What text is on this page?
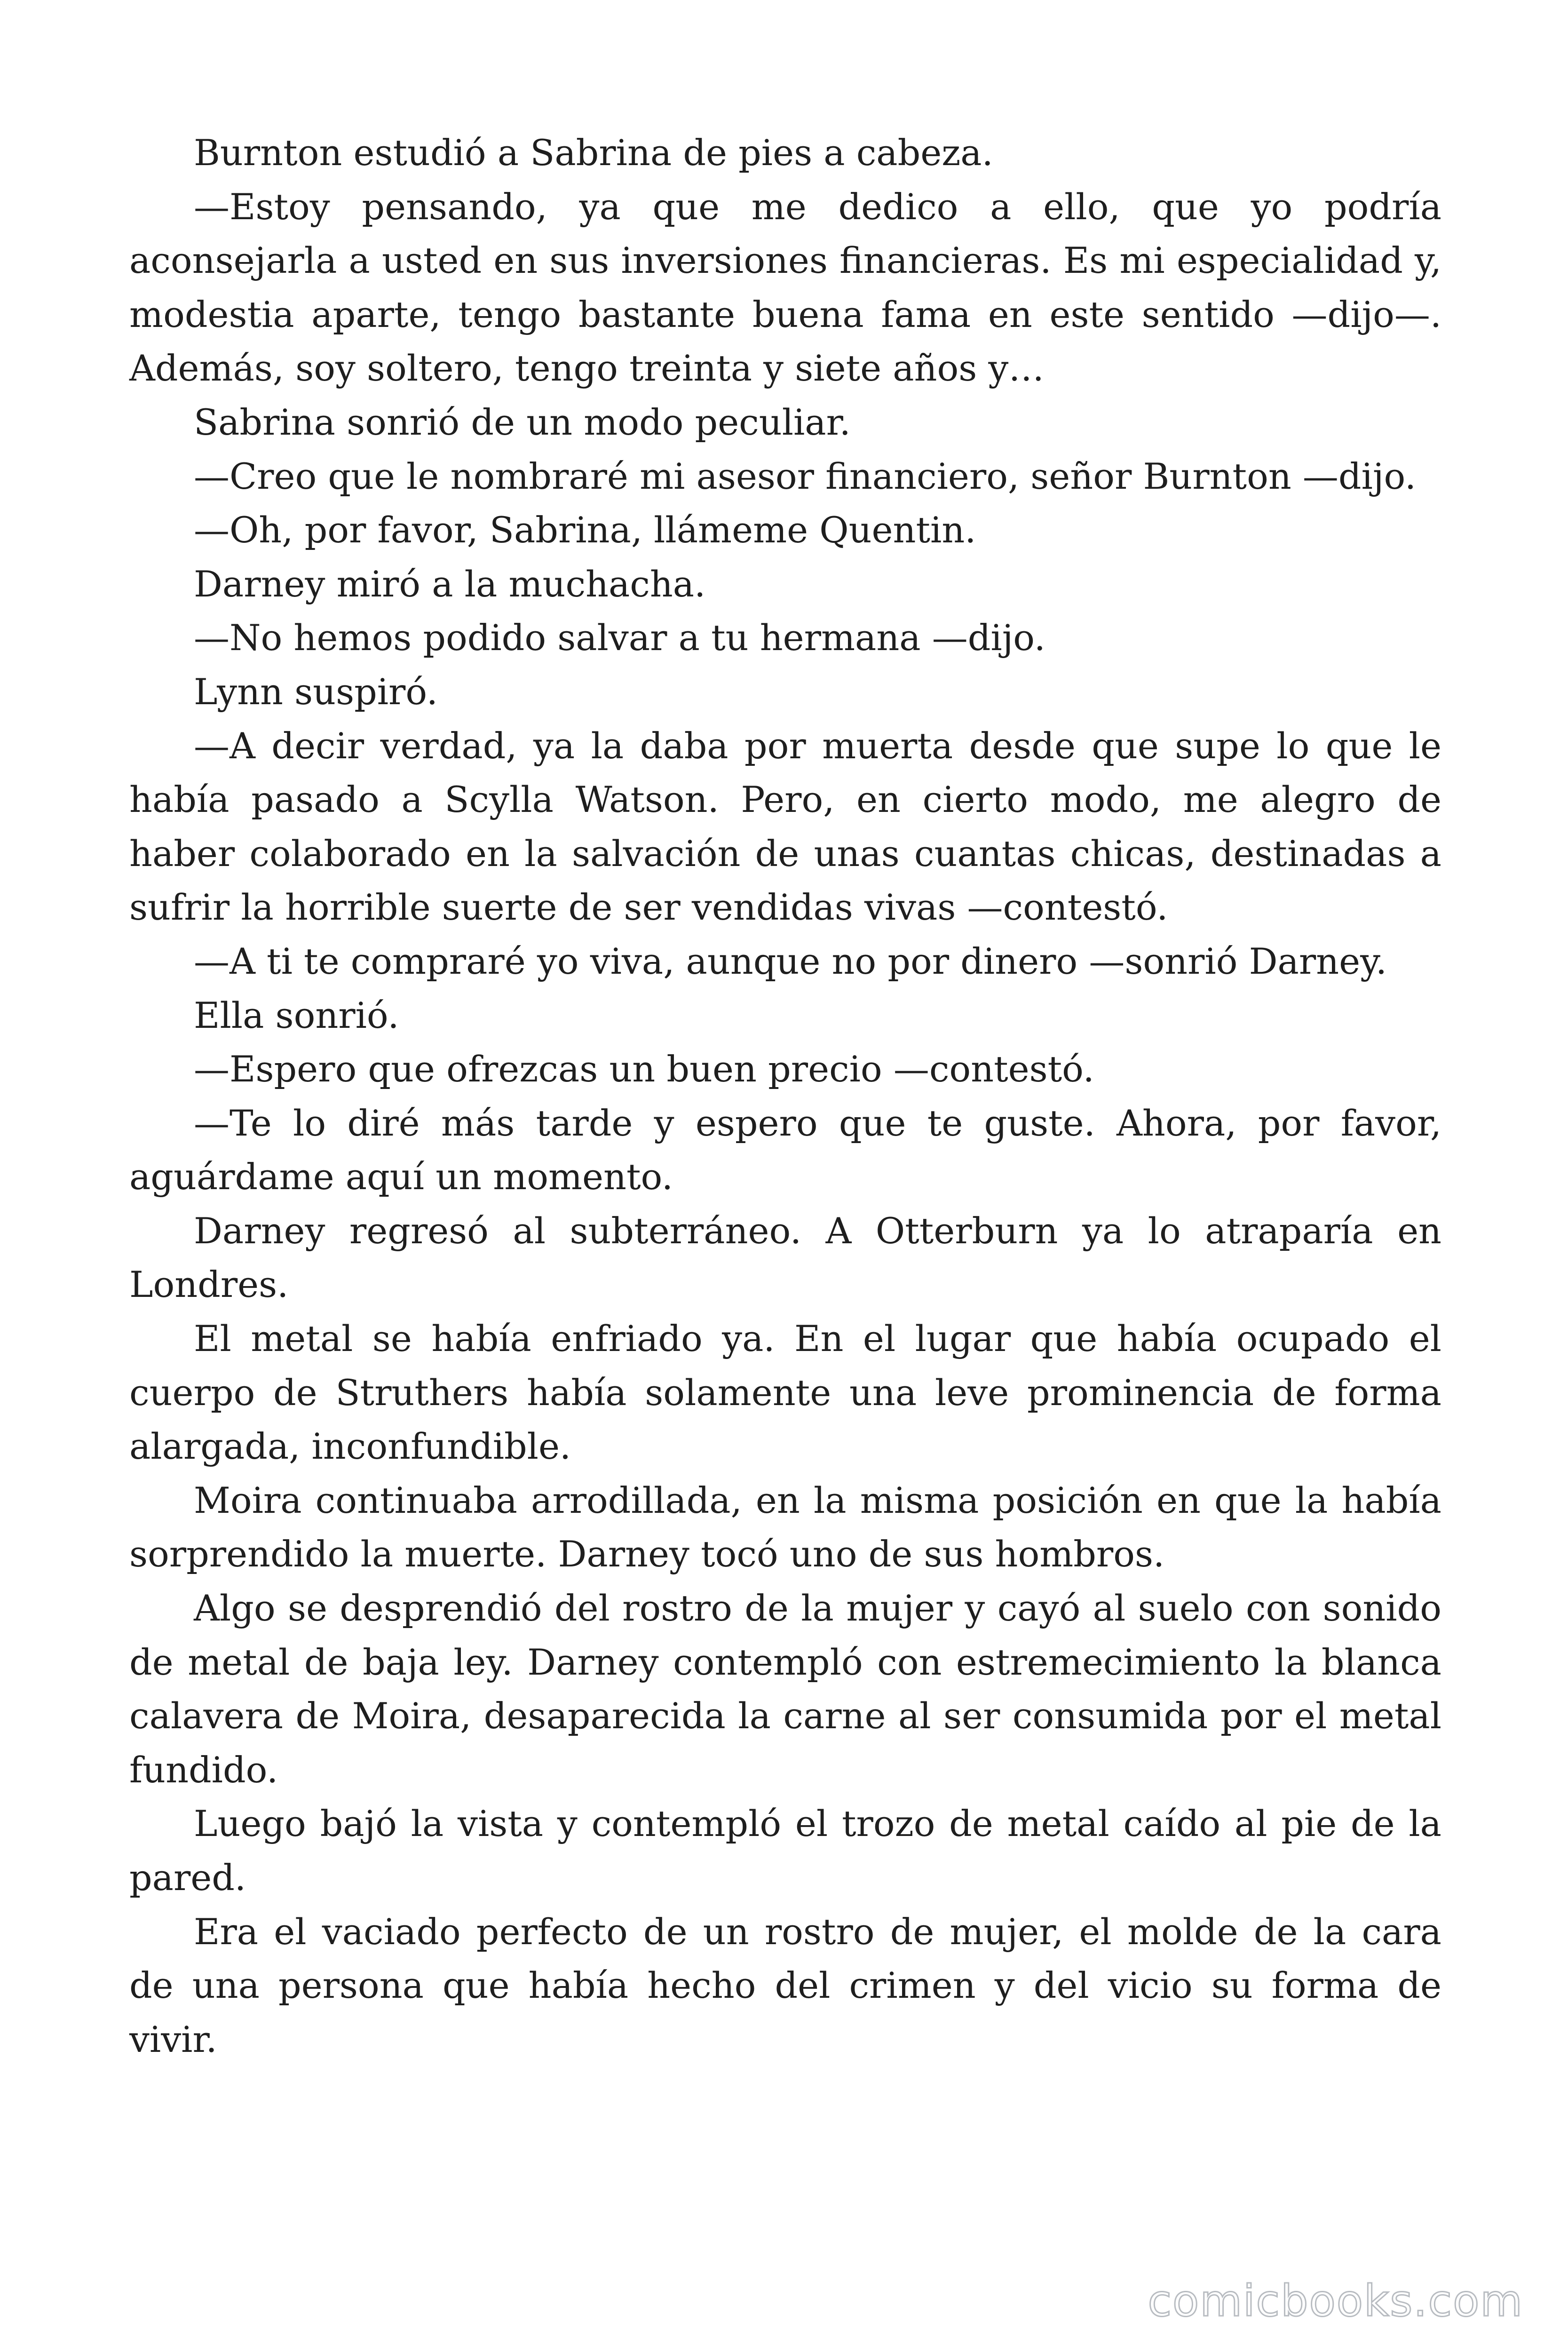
Burnton estudió a Sabrina de pies a cabeza.

—Estoy pensando, ya que me dedico a ello, que yo podría aconsejarla a usted en sus inversiones financieras. Es mi especialidad y, modestia aparte, tengo bastante buena fama en este sentido —dijo—. Además, soy soltero, tengo treinta y siete años y…

Sabrina sonrió de un modo peculiar.

—Creo que le nombraré mi asesor financiero, señor Burnton —dijo.

—Oh, por favor, Sabrina, llámeme Quentin.

Darney miró a la muchacha.

—No hemos podido salvar a tu hermana —dijo.

Lynn suspiró.

—A decir verdad, ya la daba por muerta desde que supe lo que le había pasado a Scylla Watson. Pero, en cierto modo, me alegro de haber colaborado en la salvación de unas cuantas chicas, destinadas a sufrir la horrible suerte de ser vendidas vivas —contestó.

—A ti te compraré yo viva, aunque no por dinero —sonrió Darney.

Ella sonrió.

—Espero que ofrezcas un buen precio —contestó.

—Te lo diré más tarde y espero que te guste. Ahora, por favor, aguárdame aquí un momento.

Darney regresó al subterráneo. A Otterburn ya lo atraparía en Londres.

El metal se había enfriado ya. En el lugar que había ocupado el cuerpo de Struthers había solamente una leve prominencia de forma alargada, inconfundible.

Moira continuaba arrodillada, en la misma posición en que la había sorprendido la muerte. Darney tocó uno de sus hombros.

Algo se desprendió del rostro de la mujer y cayó al suelo con sonido de metal de baja ley. Darney contempló con estremecimiento la blanca calavera de Moira, desaparecida la carne al ser consumida por el metal fundido.

Luego bajó la vista y contempló el trozo de metal caído al pie de la pared.

Era el vaciado perfecto de un rostro de mujer, el molde de la cara de una persona que había hecho del crimen y del vicio su forma de vivir.

comicbooks.com
